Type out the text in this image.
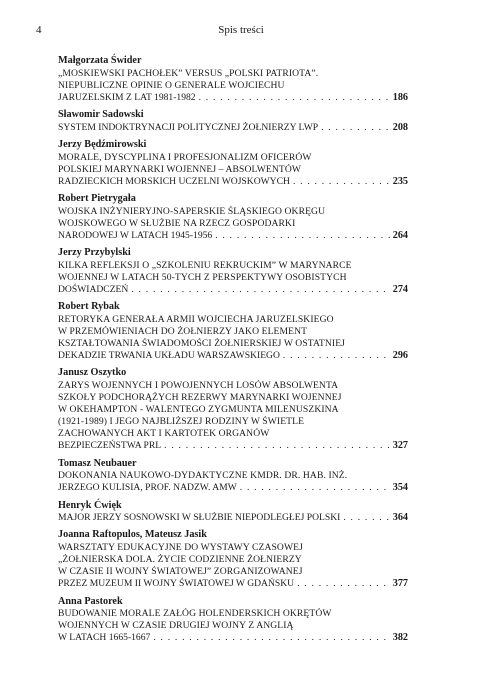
4	Spis treści
Małgorzata Świder
„MOSKIEWSKI PACHOŁEK” VERSUS „POLSKI PATRIOTA”.
NIEPUBLICZNE OPINIE O GENERALE WOJCIECHU
JARUZELSKIM Z LAT 1981-1982 . . .	186
Sławomir Sadowski
SYSTEM INDOKTRYNACJI POLITYCZNEJ ŻOŁNIERZY LWP . . .	208
Jerzy Będźmirowski
MORALE, DYSCYPLINA I PROFESJONALIZM OFICERÓW
POLSKIEJ MARYNARKI WOJENNEJ – ABSOLWENTÓW
RADZIECKICH MORSKICH UCZELNI WOJSKOWYCH . . .	235
Robert Pietrygała
WOJSKA INŻYNIERYJNO-SAPERSKIE ŚLĄSKIEGO OKRĘGU
WOJSKOWEGO W SŁUŻBIE NA RZECZ GOSPODARKI
NARODOWEJ W LATACH 1945-1956 . . .	264
Jerzy Przybylski
KILKA REFLEKSJI O „SZKOLENIU REKRUCKIM” W MARYNARCE
WOJENNEJ W LATACH 50-TYCH Z PERSPEKTYWY OSOBISTYCH
DOŚWIADCZEŃ . . .	274
Robert Rybak
RETORYKA GENERAŁA ARMII WOJCIECHA JARUZELSKIEGO
W PRZEMÓWIENIACH DO ŻOŁNIERZY JAKO ELEMENT
KSZTAŁTOWANIA ŚWIADOMOŚCI ŻOŁNIERSKIEJ W OSTATNIEJ
DEKADZIE TRWANIA UKŁADU WARSZAWSKIEGO . . .	296
Janusz Oszytko
ZARYS WOJENNYCH I POWOJENNYCH LOSÓW ABSOLWENTA
SZKOŁY PODCHORĄŻYCH REZERWY MARYNARKI WOJENNEJ
W OKEHAMPTON - WALENTEGO ZYGMUNTA MILENUSZKINA
(1921-1989) I JEGO NAJBLIŻSZEJ RODZINY W ŚWIETLE
ZACHOWANYCH AKT I KARTOTEK ORGANÓW
BEZPIECZEŃSTWA PRL . . .	327
Tomasz Neubauer
DOKONANIA NAUKOWO-DYDAKTYCZNE KMDR. DR. HAB. INŻ.
JERZEGO KULISIA, PROF. NADZW. AMW . . .	354
Henryk Ćwięk
MAJOR JERZY SOSNOWSKI W SŁUŻBIE NIEPODLEGŁEJ POLSKI . . .	364
Joanna Raftopulos, Mateusz Jasik
WARSZTATY EDUKACYJNE DO WYSTAWY CZASOWEJ
„ŻOŁNIERSKA DOLA. ŻYCIE CODZIENNE ŻOŁNIERZY
W CZASIE II WOJNY ŚWIATOWEJ” ZORGANIZOWANEJ
PRZEZ MUZEUM II WOJNY ŚWIATOWEJ W GDAŃSKU . . .	377
Anna Pastorek
BUDOWANIE MORALE ZAŁÓG HOLENDERSKICH OKRĘTÓW
WOJENNYCH W CZASIE DRUGIEJ WOJNY Z ANGLIĄ
W LATACH 1665-1667 . . .	382
